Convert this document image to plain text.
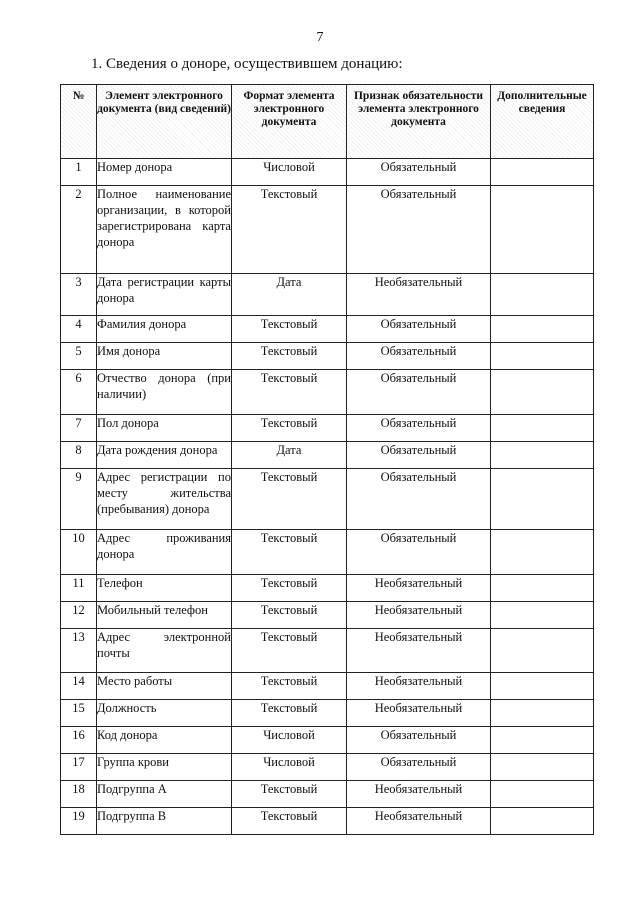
7
1. Сведения о доноре, осуществившем донацию:
№	Элемент электронного документа (вид сведений)	Формат элемента электронного документа	Признак обязательности элемента электронного документа	Дополнительные сведения
1	Номер донора	Числовой	Обязательный	
2	Полное наименование организации, в которой зарегистрирована карта донора	Текстовый	Обязательный	
3	Дата регистрации карты донора	Дата	Необязательный	
4	Фамилия донора	Текстовый	Обязательный	
5	Имя донора	Текстовый	Обязательный	
6	Отчество донора (при наличии)	Текстовый	Обязательный	
7	Пол донора	Текстовый	Обязательный	
8	Дата рождения донора	Дата	Обязательный	
9	Адрес регистрации по месту жительства (пребывания) донора	Текстовый	Обязательный	
10	Адрес проживания донора	Текстовый	Обязательный	
11	Телефон	Текстовый	Необязательный	
12	Мобильный телефон	Текстовый	Необязательный	
13	Адрес электронной почты	Текстовый	Необязательный	
14	Место работы	Текстовый	Необязательный	
15	Должность	Текстовый	Необязательный	
16	Код донора	Числовой	Обязательный	
17	Группа крови	Числовой	Обязательный	
18	Подгруппа A	Текстовый	Необязательный	
19	Подгруппа B	Текстовый	Необязательный	
